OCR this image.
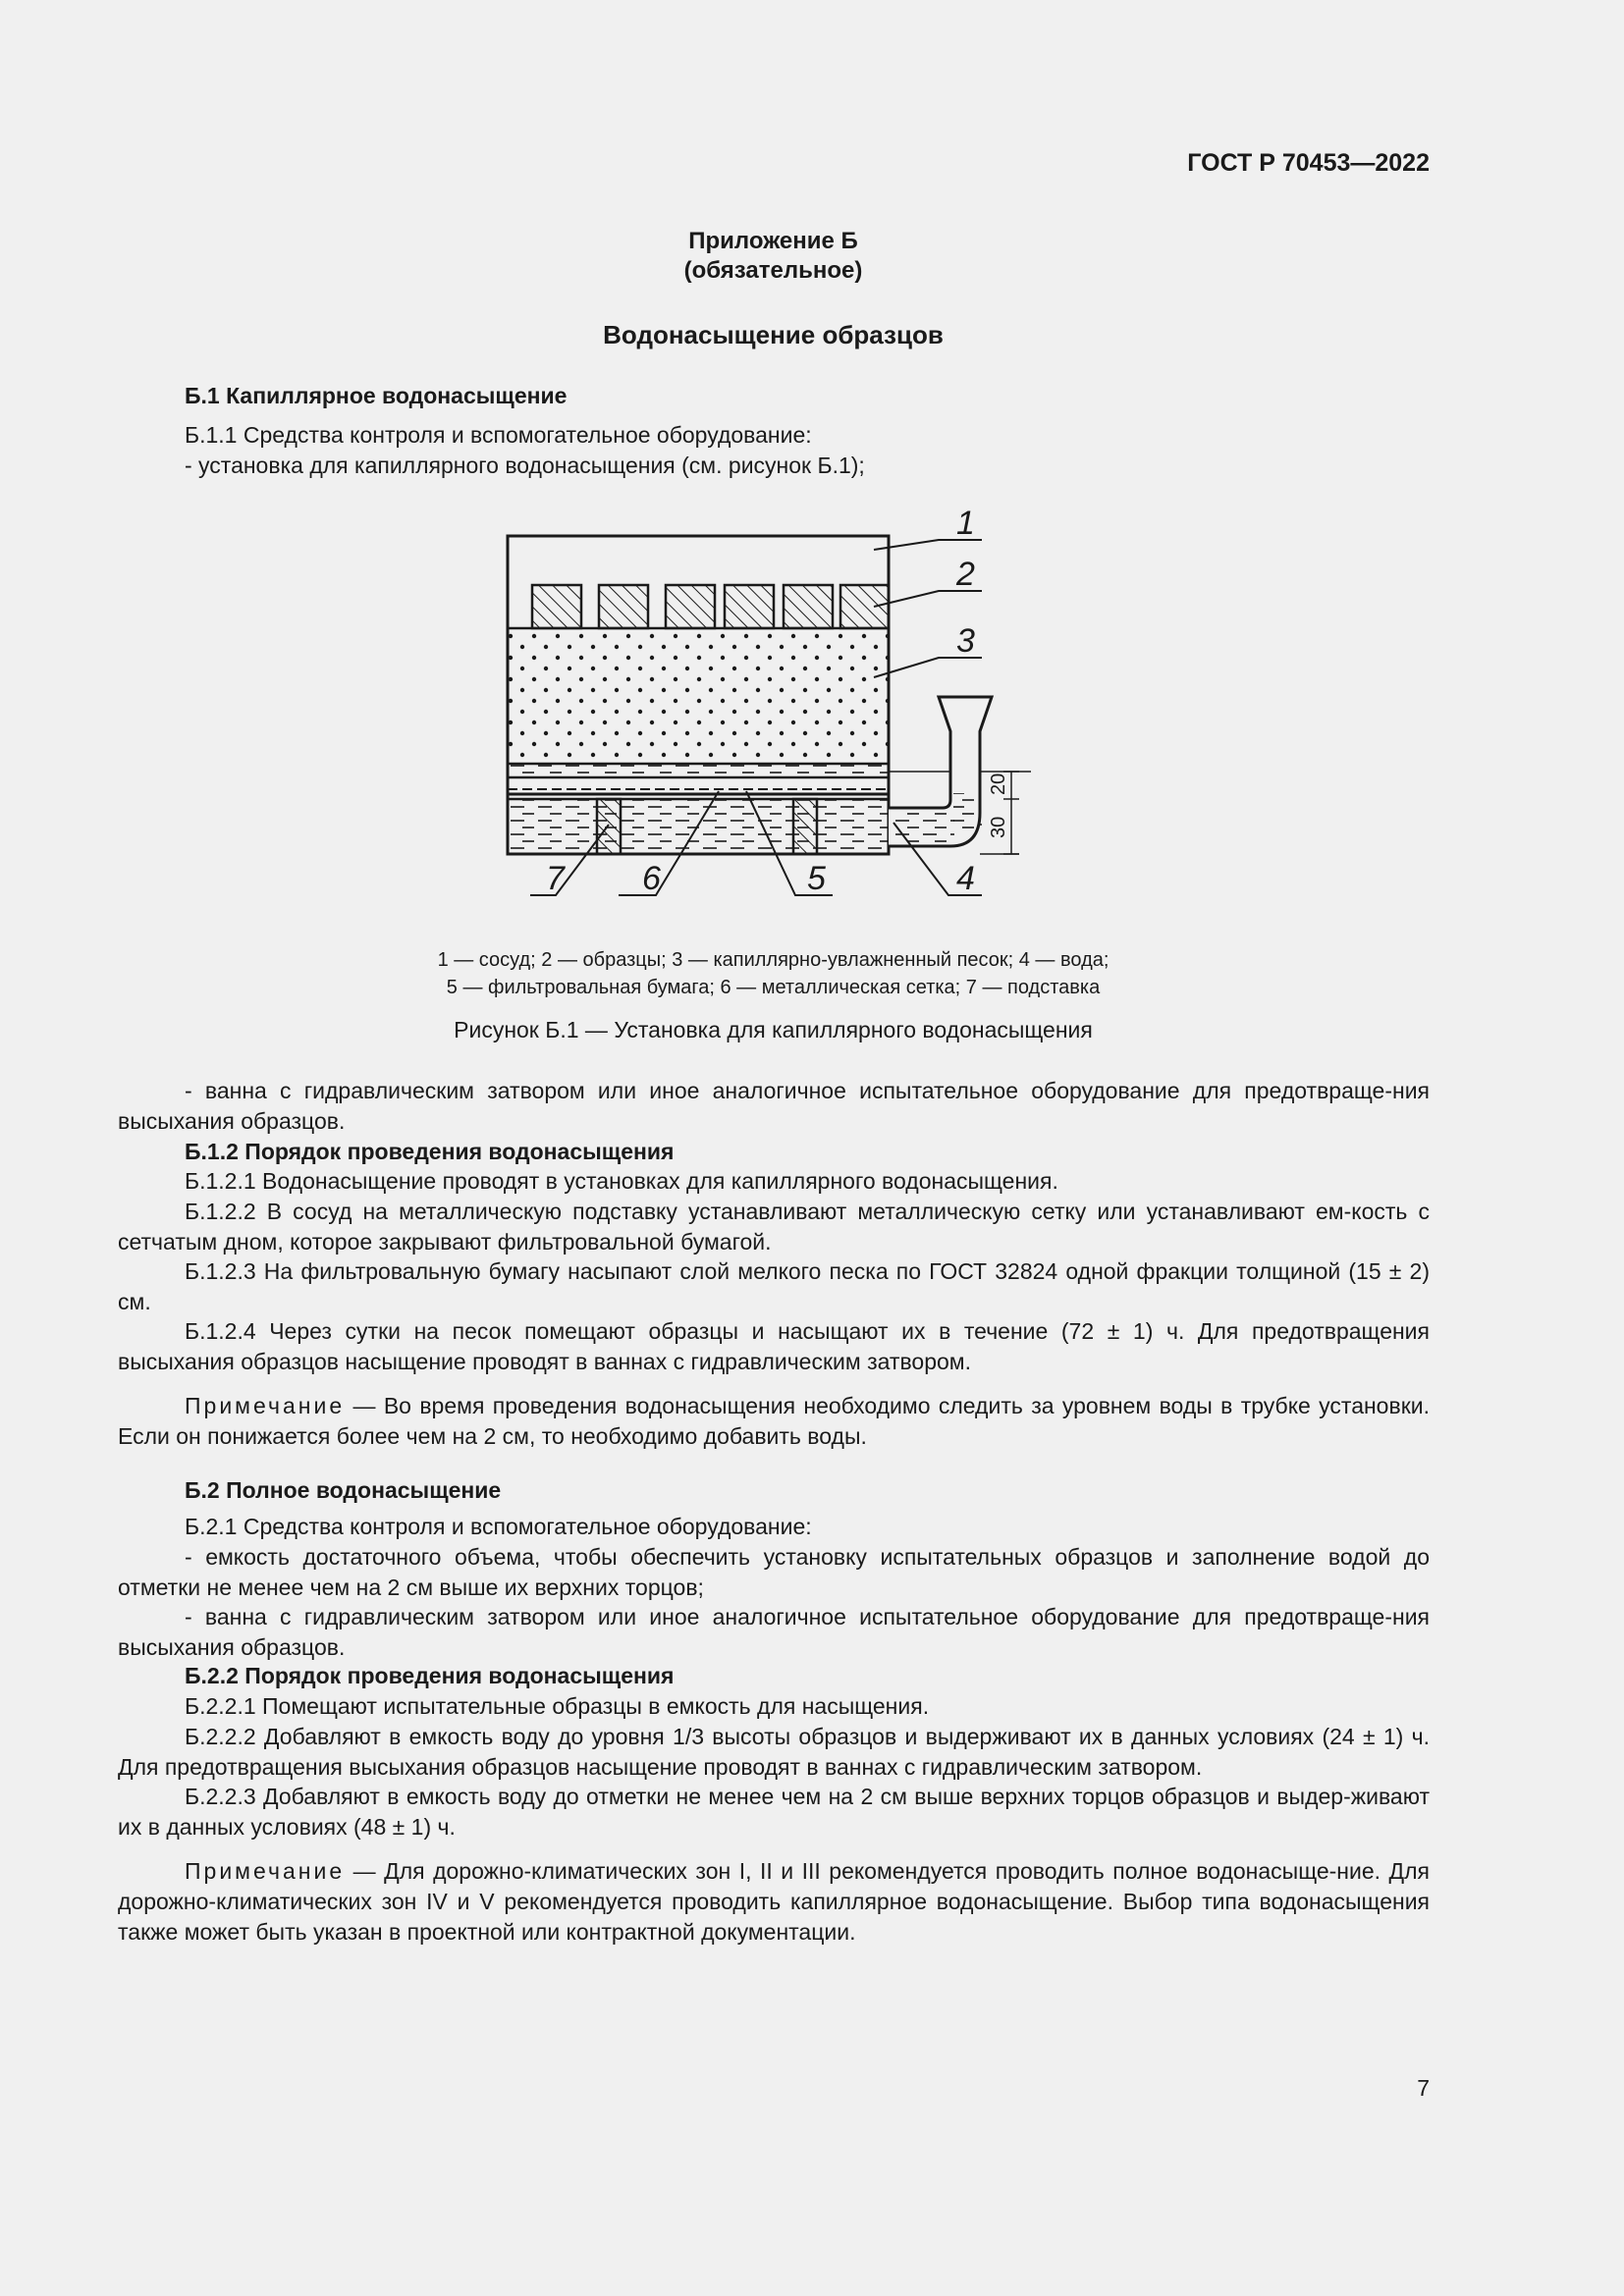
ГОСТ Р 70453—2022
Приложение Б
(обязательное)
Водонасыщение образцов
Б.1 Капиллярное водонасыщение
Б.1.1 Средства контроля и вспомогательное оборудование:
- установка для капиллярного водонасыщения (см. рисунок Б.1);
20
30
1
2
3
4
5
6
7
1 — сосуд; 2 — образцы; 3 — капиллярно-увлажненный песок; 4 — вода;
5 — фильтровальная бумага; 6 — металлическая сетка; 7 — подставка
Рисунок Б.1 — Установка для капиллярного водонасыщения
- ванна с гидравлическим затвором или иное аналогичное испытательное оборудование для предотвраще-ния высыхания образцов.
Б.1.2 Порядок проведения водонасыщения
Б.1.2.1 Водонасыщение проводят в установках для капиллярного водонасыщения.
Б.1.2.2 В сосуд на металлическую подставку устанавливают металлическую сетку или устанавливают ем-кость с сетчатым дном, которое закрывают фильтровальной бумагой.
Б.1.2.3 На фильтровальную бумагу насыпают слой мелкого песка по ГОСТ 32824 одной фракции толщиной (15 ± 2) см.
Б.1.2.4 Через сутки на песок помещают образцы и насыщают их в течение (72 ± 1) ч. Для предотвращения высыхания образцов насыщение проводят в ваннах с гидравлическим затвором.
Примечание — Во время проведения водонасыщения необходимо следить за уровнем воды в трубке установки. Если он понижается более чем на 2 см, то необходимо добавить воды.
Б.2 Полное водонасыщение
Б.2.1 Средства контроля и вспомогательное оборудование:
- емкость достаточного объема, чтобы обеспечить установку испытательных образцов и заполнение водой до отметки не менее чем на 2 см выше их верхних торцов;
- ванна с гидравлическим затвором или иное аналогичное испытательное оборудование для предотвраще-ния высыхания образцов.
Б.2.2 Порядок проведения водонасыщения
Б.2.2.1 Помещают испытательные образцы в емкость для насыщения.
Б.2.2.2 Добавляют в емкость воду до уровня 1/3 высоты образцов и выдерживают их в данных условиях (24 ± 1) ч. Для предотвращения высыхания образцов насыщение проводят в ваннах с гидравлическим затвором.
Б.2.2.3 Добавляют в емкость воду до отметки не менее чем на 2 см выше верхних торцов образцов и выдер-живают их в данных условиях (48 ± 1) ч.
Примечание — Для дорожно-климатических зон I, II и III рекомендуется проводить полное водонасыще-ние. Для дорожно-климатических зон IV и V рекомендуется проводить капиллярное водонасыщение. Выбор типа водонасыщения также может быть указан в проектной или контрактной документации.
7
